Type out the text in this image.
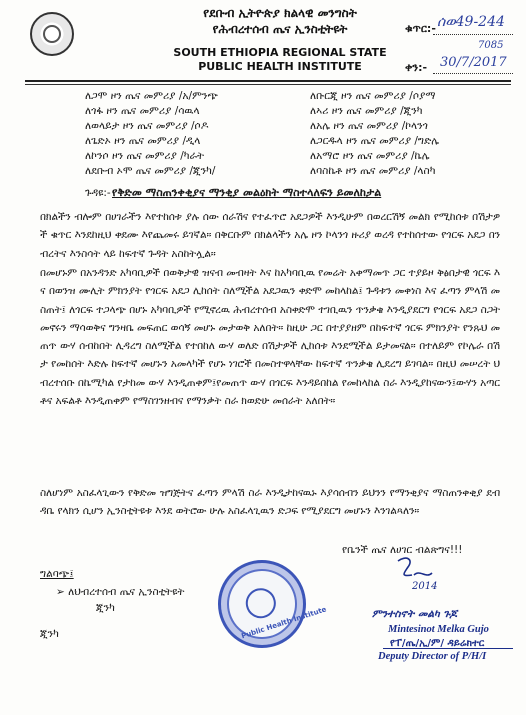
የደቡብ ኢትዮጵያ ክልላዊ መንግስት
የሕብረተሰብ ጤና ኢንስቲትዩት
SOUTH ETHIOPIA REGIONAL STATE
PUBLIC HEALTH INSTITUTE
ቁጥር:- ሰወ49-244
7085
ቀን:- 30/7/2017
ለጋሞ ዞን ጤና መምሪያ /አ/ምንጭ
ለጎፋ ዞን ጤና መምሪያ /ሳዉላ
ለወላይታ ዞን ጤና መምሪያ /ሶዶ
ለጌድኦ ዞን ጤና መምሪያ /ዲላ
ለኮንሶ ዞን ጤና መምሪያ /ካራት
ለደቡብ ኦሞ ጤና መምሪያ /ጂንካ/
ለቡርጂ ዞን ጤና መምሪያ /ሶያማ
ለኣሪ ዞን ጤና መምሪያ /ጂንካ
ለአሌ ዞን ጤና መምሪያ /ኮላንጎ
ለጋርዱላ ዞን ጤና መምሪያ /ግድሌ
ለአማሮ ዞን ጤና መምሪያ /ኬሌ
ለባስኬቶ ዞን ጤና መምሪያ /ላስካ
ጉዳዩ:- የቅድመ ማስጠንቀቂያና ማንቂያ መልዕክት ማስተላለፍን ይመለከታል
በክልችን ብሎም በሀገራችን እየተከሰቱ ያሉ ሰው ሰራሽና የተፈጥሮ አደጋዎች እንዲሁም በወረርሽኝ መልክ የሚከሰቱ በሽታዎች ቁጥር እንደከዚህ ቀደሙ እየጨመሩ ይገኛል። በቅርቡም በክልላችን አሌ ዞን ኮላንጎ ዙሪያ ወረዳ የተከሰተው የጎርፍ አደጋ በንብረትና እንስሳት ላይ ከፍተኛ ጉዳት አስከትሏል።
በመሆኑም በአንዳንድ አካባቢዎች በወቅታዊ ዝናብ መብዛት እና ከአካባቢዉ የመሬት አቀማመጥ ጋር ተያይዞ ቅፅበታዊ ጎርፍ እና በወንዝ ሙሊት ምክንያት የጎርፍ አደጋ ሊከሰት ስለሚችል አደጋዉን ቀድሞ መከላከል፤ ጉዳቱን መቀነስ እና ፈጣን ምላሽ መስጠት፤ ለጎርፍ ተጋላጭ በሆኑ አካባቢዎች የሚኖረዉ ሕብረተሰብ አስቀድሞ ተገቢዉን ጥንቃቄ እንዲያደርግ የጎርፍ አደጋ ስጋት መኖሩን ማሳወቅና ግንዛቤ መፍጠር ወሳኝ መሆኑ መታወቅ አለበት። ከዚሁ ጋር በተያያዘም በከፍተኛ ጎርፍ ምክንያት የንጹህ መጠጥ ውሃ ሰብከበት ሊዳረግ ስለሚችል የተበከለ ውሃ ወለድ በሽታዎች ሊከሰቱ እንደሚችል ይታመናል። በተለይም የኮሌራ በሽታ የመከሰት እድሉ ከፍተኛ መሆኑን አመላካች የሆኑ ነገሮች በመስተዋላቸው ከፍተኛ ጥንቃቄ ሊደረግ ይገባል። በዚህ መሠረት ህብረተሰቡ በኬሚካል የታከመ ውሃ እንዲጠቀም፤የመጠጥ ውሃ በጎርፍ እንዳይበከል የመከላከል ስራ እንዲያከናውን፤ውሃን አጣርቶና አፍልቶ እንዲጠቀም የማስገንዘብና የማንቃት ስራ ክወድሁ መሰራት አለበት።
ስለሆነም አስፈላጊውን የቅድመ ዝግጅትና ፈጣን ምላሽ ስራ እንዲታከናዉኑ እያሳሰብን ይህንን የማንቂያና ማስጠንቀቂያ ደብዳቤ የላክን ሲሆን ኢንስቲትዩቱ እንደ ወትሮው ሁሉ አስፈላጊዉን ድጋፍ የሚያደርግ መሆኑን እንገልጻለን።
የቤንች ጤና ለሀገር ብልጽግና!!!
ግልባጭ፤
➢ ለህብረተሰብ ጤና ኢንስቲትዩት
ጂንካ
ጂንካ	Public Health Institute
2014
ምንተስኖት መልካ ጉጆ
Mintesinot Melka Gujo
የፐ/ጤ/ኢ/ም/ ዳይሬክተር
Deputy Director of P/H/I
